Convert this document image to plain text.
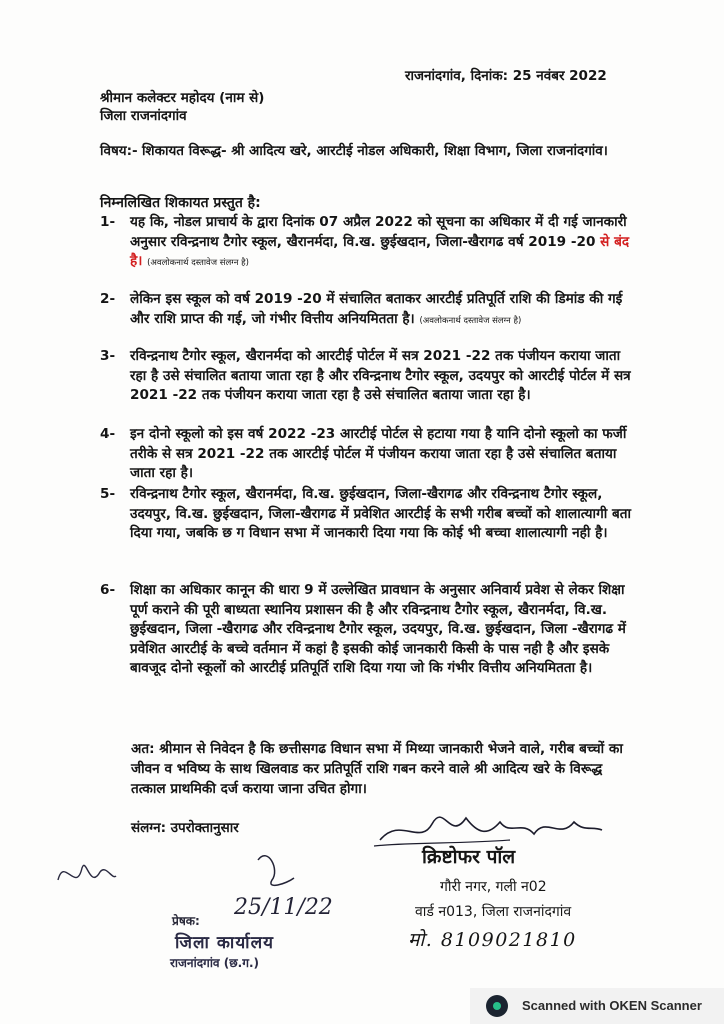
राजनांदगांव, दिनांक: 25 नवंबर 2022
श्रीमान कलेक्टर महोदय (नाम से)
जिला राजनांदगांव
विषय:- शिकायत विरूद्ध- श्री आदित्य खरे, आरटीई नोडल अधिकारी, शिक्षा विभाग, जिला राजनांदगांव।
निम्नलिखित शिकायत प्रस्तुत है:
1- यह कि, नोडल प्राचार्य के द्वारा दिनांक 07 अप्रैल 2022 को सूचना का अधिकार में दी गई जानकारी अनुसार रविन्द्रनाथ टैगोर स्कूल, खैरानर्मदा, वि.ख. छुईखदान, जिला-खैरागढ वर्ष 2019 -20 से बंद है। (अवलोकनार्थ दस्तावेज संलग्न है)
2- लेकिन इस स्कूल को वर्ष 2019 -20 में संचालित बताकर आरटीई प्रतिपूर्ति राशि की डिमांड की गई और राशि प्राप्त की गई, जो गंभीर वित्तीय अनियमितता है। (अवलोकनार्थ दस्तावेज संलग्न है)
3- रविन्द्रनाथ टैगोर स्कूल, खैरानर्मदा को आरटीई पोर्टल में सत्र 2021 -22 तक पंजीयन कराया जाता रहा है उसे संचालित बताया जाता रहा है और रविन्द्रनाथ टैगोर स्कूल, उदयपुर को आरटीई पोर्टल में सत्र 2021 -22 तक पंजीयन कराया जाता रहा है उसे संचालित बताया जाता रहा है।
4- इन दोनो स्कूलो को इस वर्ष 2022 -23 आरटीई पोर्टल से हटाया गया है यानि दोनो स्कूलो का फर्जी तरीके से सत्र 2021 -22 तक आरटीई पोर्टल में पंजीयन कराया जाता रहा है उसे संचालित बताया जाता रहा है।
5- रविन्द्रनाथ टैगोर स्कूल, खैरानर्मदा, वि.ख. छुईखदान, जिला-खैरागढ और रविन्द्रनाथ टैगोर स्कूल, उदयपुर, वि.ख. छुईखदान, जिला-खैरागढ में प्रवेशित आरटीई के सभी गरीब बच्चों को शालात्यागी बता दिया गया, जबकि छ ग विधान सभा में जानकारी दिया गया कि कोई भी बच्चा शालात्यागी नही है।
6- शिक्षा का अधिकार कानून की धारा 9 में उल्लेखित प्रावधान के अनुसार अनिवार्य प्रवेश से लेकर शिक्षा पूर्ण कराने की पूरी बाध्यता स्थानिय प्रशासन की है और रविन्द्रनाथ टैगोर स्कूल, खैरानर्मदा, वि.ख. छुईखदान, जिला -खैरागढ और रविन्द्रनाथ टैगोर स्कूल, उदयपुर, वि.ख. छुईखदान, जिला -खैरागढ में प्रवेशित आरटीई के बच्चे वर्तमान में कहां है इसकी कोई जानकारी किसी के पास नही है और इसके बावजूद दोनो स्कूलों को आरटीई प्रतिपूर्ति राशि दिया गया जो कि गंभीर वित्तीय अनियमितता है।
अत: श्रीमान से निवेदन है कि छत्तीसगढ विधान सभा में मिथ्या जानकारी भेजने वाले, गरीब बच्चों का जीवन व भविष्य के साथ खिलवाड कर प्रतिपूर्ति राशि गबन करने वाले श्री आदित्य खरे के विरूद्ध तत्काल प्राथमिकी दर्ज कराया जाना उचित होगा।
संलग्न: उपरोक्तानुसार
क्रिष्टोफर पॉल
गौरी नगर, गली न02
वार्ड न013, जिला राजनांदगांव
मो. 8109021810
25/11/22
प्रेषक:
जिला कार्यालय
राजनांदगांव (छ.ग.)
Scanned with OKEN Scanner
